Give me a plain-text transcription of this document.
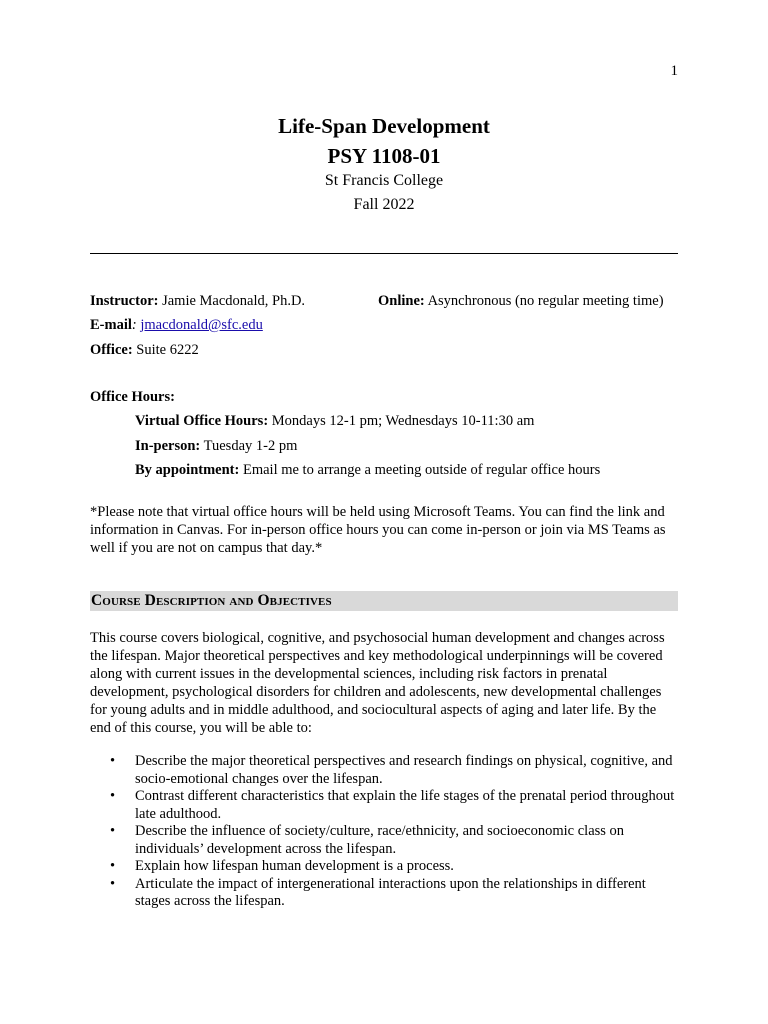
1
Life-Span Development
PSY 1108-01
St Francis College
Fall 2022
Instructor: Jamie Macdonald, Ph.D.	Online: Asynchronous (no regular meeting time)
E-mail: jmacdonald@sfc.edu
Office: Suite 6222
Office Hours:
Virtual Office Hours: Mondays 12-1 pm; Wednesdays 10-11:30 am
In-person: Tuesday 1-2 pm
By appointment: Email me to arrange a meeting outside of regular office hours
*Please note that virtual office hours will be held using Microsoft Teams. You can find the link and information in Canvas. For in-person office hours you can come in-person or join via MS Teams as well if you are not on campus that day.*
Course Description and Objectives
This course covers biological, cognitive, and psychosocial human development and changes across the lifespan. Major theoretical perspectives and key methodological underpinnings will be covered along with current issues in the developmental sciences, including risk factors in prenatal development, psychological disorders for children and adolescents, new developmental challenges for young adults and in middle adulthood, and sociocultural aspects of aging and later life. By the end of this course, you will be able to:
• Describe the major theoretical perspectives and research findings on physical, cognitive, and socio-emotional changes over the lifespan.
• Contrast different characteristics that explain the life stages of the prenatal period throughout late adulthood.
• Describe the influence of society/culture, race/ethnicity, and socioeconomic class on individuals’ development across the lifespan.
• Explain how lifespan human development is a process.
• Articulate the impact of intergenerational interactions upon the relationships in different stages across the lifespan.
